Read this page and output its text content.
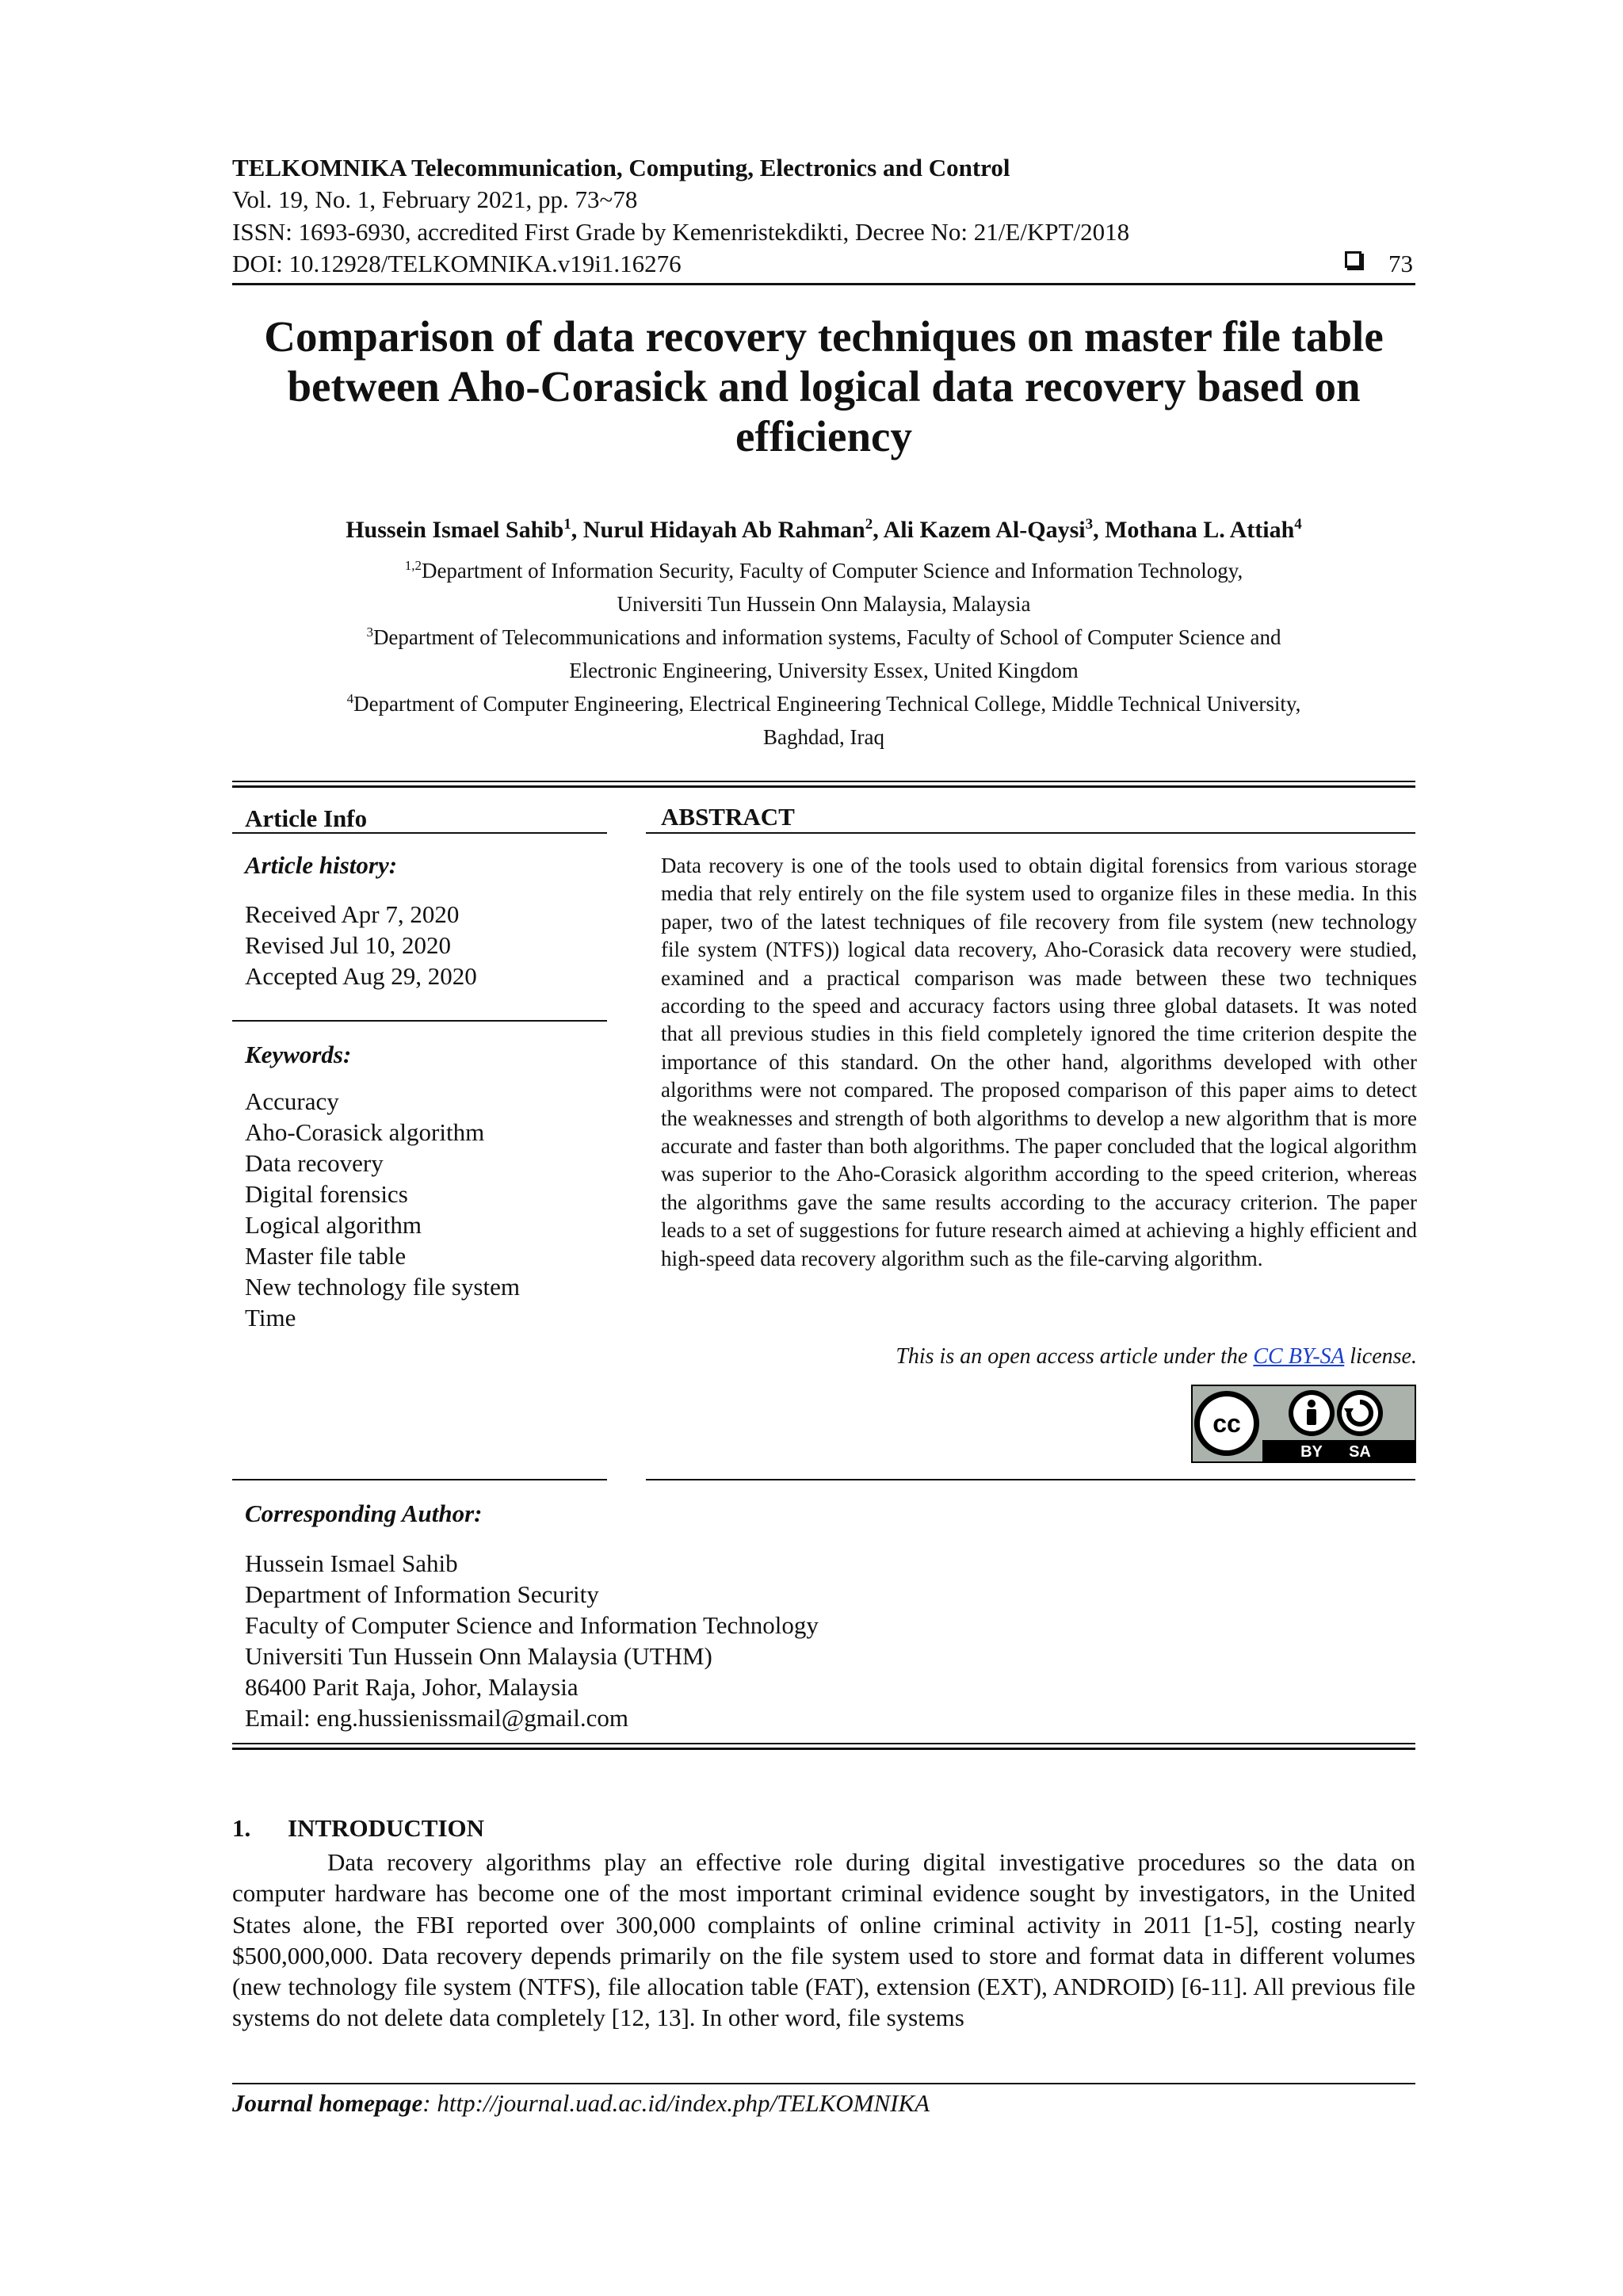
TELKOMNIKA Telecommunication, Computing, Electronics and Control
Vol. 19, No. 1, February 2021, pp. 73~78
ISSN: 1693-6930, accredited First Grade by Kemenristekdikti, Decree No: 21/E/KPT/2018
DOI: 10.12928/TELKOMNIKA.v19i1.16276	73
Comparison of data recovery techniques on master file table
between Aho-Corasick and logical data recovery based on
efficiency
Hussein Ismael Sahib$^1$, Nurul Hidayah Ab Rahman$^2$, Ali Kazem Al-Qaysi$^3$, Mothana L. Attiah$^4$
$^{1,2}$Department of Information Security, Faculty of Computer Science and Information Technology,
Universiti Tun Hussein Onn Malaysia, Malaysia
$^3$Department of Telecommunications and information systems, Faculty of School of Computer Science and
Electronic Engineering, University Essex, United Kingdom
$^4$Department of Computer Engineering, Electrical Engineering Technical College, Middle Technical University,
Baghdad, Iraq
Article Info
Article history:
Received Apr 7, 2020
Revised Jul 10, 2020
Accepted Aug 29, 2020
Keywords:
Accuracy
Aho-Corasick algorithm
Data recovery
Digital forensics
Logical algorithm
Master file table
New technology file system
Time
ABSTRACT
Data recovery is one of the tools used to obtain digital forensics from various storage media that rely entirely on the file system used to organize files in these media. In this paper, two of the latest techniques of file recovery from file system (new technology file system (NTFS)) logical data recovery, Aho-Corasick data recovery were studied, examined and a practical comparison was made between these two techniques according to the speed and accuracy factors using three global datasets. It was noted that all previous studies in this field completely ignored the time criterion despite the importance of this standard. On the other hand, algorithms developed with other algorithms were not compared. The proposed comparison of this paper aims to detect the weaknesses and strength of both algorithms to develop a new algorithm that is more accurate and faster than both algorithms. The paper concluded that the logical algorithm was superior to the Aho-Corasick algorithm according to the speed criterion, whereas the algorithms gave the same results according to the accuracy criterion. The paper leads to a set of suggestions for future research aimed at achieving a highly efficient and high-speed data recovery algorithm such as the file-carving algorithm.
This is an open access article under the CC BY-SA license.
cc
BY SA
Corresponding Author:
Hussein Ismael Sahib
Department of Information Security
Faculty of Computer Science and Information Technology
Universiti Tun Hussein Onn Malaysia (UTHM)
86400 Parit Raja, Johor, Malaysia
Email: eng.hussienissmail@gmail.com
1. INTRODUCTION
Data recovery algorithms play an effective role during digital investigative procedures so the data on computer hardware has become one of the most important criminal evidence sought by investigators, in the United States alone, the FBI reported over 300,000 complaints of online criminal activity in 2011 [1-5], costing nearly $500,000,000. Data recovery depends primarily on the file system used to store and format data in different volumes (new technology file system (NTFS), file allocation table (FAT), extension (EXT), ANDROID) [6-11]. All previous file systems do not delete data completely [12, 13]. In other word, file systems
Journal homepage: http://journal.uad.ac.id/index.php/TELKOMNIKA
